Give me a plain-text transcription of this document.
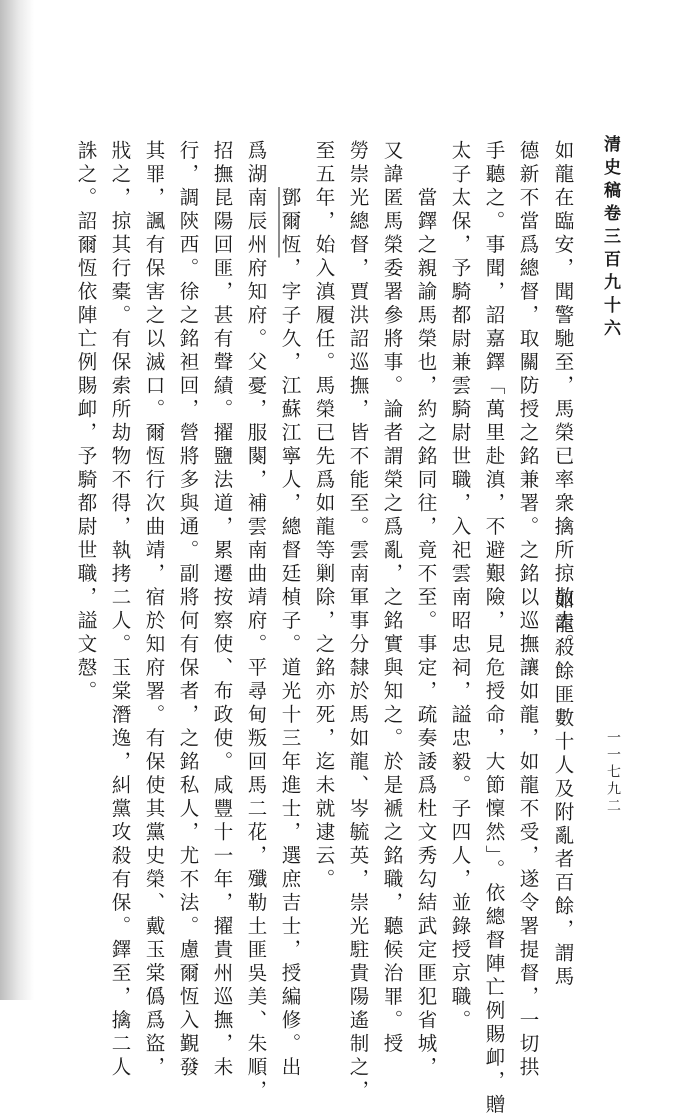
清史稿卷三百九十六
一一七九二
如龍殺餘匪數十人及附亂者百餘，謂馬
如龍在臨安，聞警馳至，馬榮已率衆擒所掠散去。
德新不當爲總督，取關防授之銘兼署。之銘以巡撫讓如龍，如龍不受，遂令署提督，一切拱
手聽之。事聞，詔嘉鐸「萬里赴滇，不避艱險，見危授命，大節懍然」。依總督陣亡例賜卹，贈
太子太保，予騎都尉兼雲騎尉世職，入祀雲南昭忠祠，謚忠毅。子四人，並錄授京職。
　　當鐸之親諭馬榮也，約之銘同往，竟不至。事定，疏奏諉爲杜文秀勾結武定匪犯省城，
又諱匿馬榮委署參將事。論者謂榮之爲亂，之銘實與知之。於是褫之銘職，聽候治罪。授
勞崇光總督，賈洪詔巡撫，皆不能至。雲南軍事分隸於馬如龍、岑毓英，崇光駐貴陽遙制之，
至五年，始入滇履任。馬榮已先爲如龍等剿除，之銘亦死，迄未就逮云。
　　鄧爾恆，字子久，江蘇江寧人，總督廷楨子。道光十三年進士，選庶吉士，授編修。出
爲湖南辰州府知府。父憂，服闋，補雲南曲靖府。平尋甸叛回馬二花，殲勒土匪吳美、朱順，
招撫昆陽回匪，甚有聲績。擢鹽法道，累遷按察使、布政使。咸豐十一年，擢貴州巡撫，未
行，調陝西。徐之銘袒回，營將多與通。副將何有保者，之銘私人，尤不法。慮爾恆入覲發
其罪，諷有保害之以滅口。爾恆行次曲靖，宿於知府署。有保使其黨史榮、戴玉棠僞爲盜，
戕之，掠其行橐。有保索所劫物不得，執拷二人。玉棠潛逸，糾黨攻殺有保。鐸至，擒二人
誅之。詔爾恆依陣亡例賜卹，予騎都尉世職，謚文慤。
